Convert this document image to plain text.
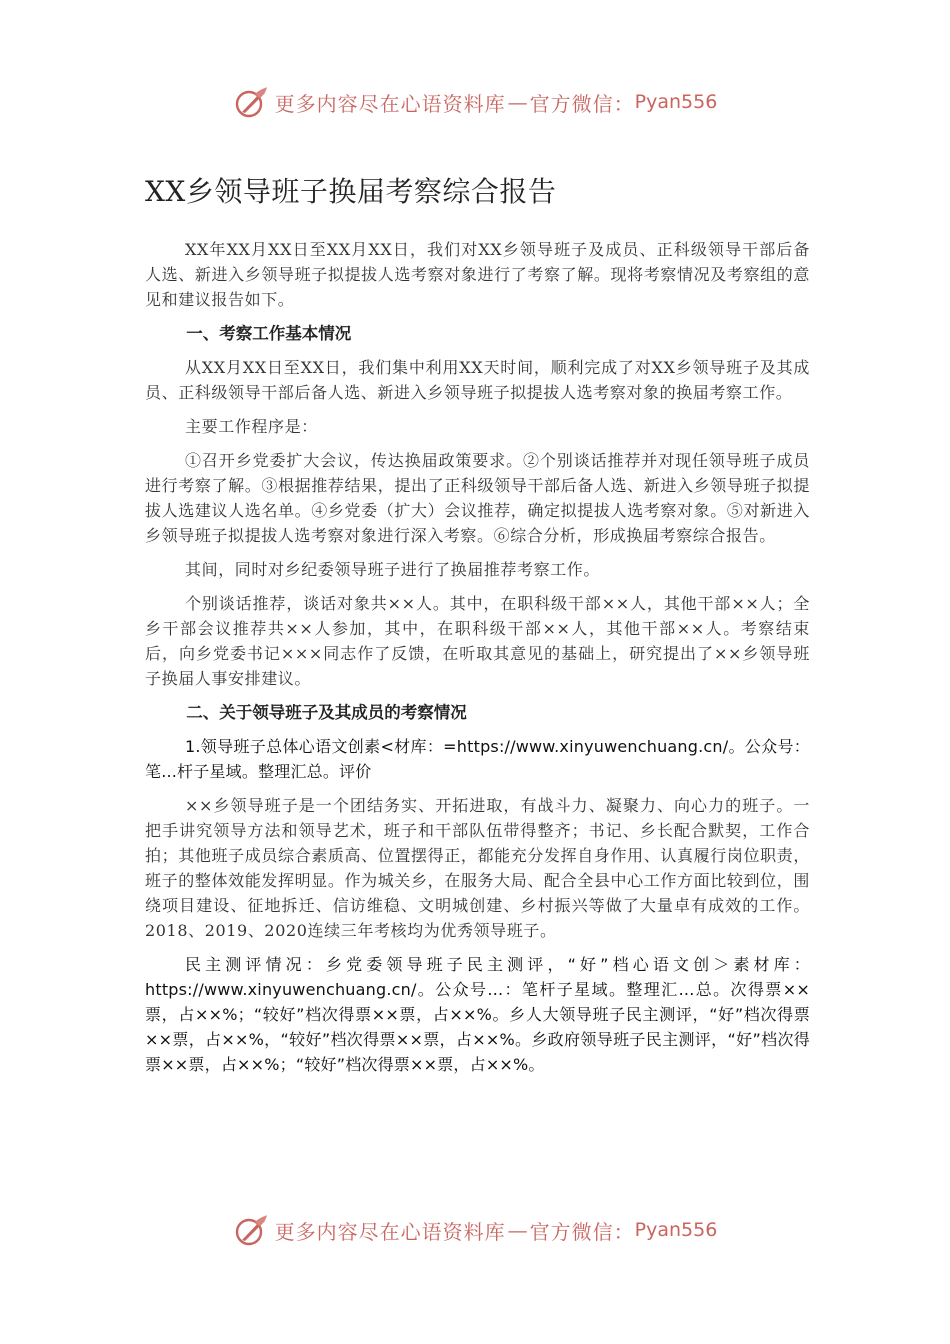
更多内容尽在心语资料库 — 官方微信： Pyan556
XX乡领导班子换届考察综合报告

XX年XX月XX日至XX月XX日，我们对XX乡领导班子及成员、正科级领导干部后备人选、新进入乡领导班子拟提拔人选考察对象进行了考察了解。现将考察情况及考察组的意见和建议报告如下。

一、考察工作基本情况

从XX月XX日至XX日，我们集中利用XX天时间，顺利完成了对XX乡领导班子及其成员、正科级领导干部后备人选、新进入乡领导班子拟提拔人选考察对象的换届考察工作。

主要工作程序是：

①召开乡党委扩大会议，传达换届政策要求。②个别谈话推荐并对现任领导班子成员进行考察了解。③根据推荐结果，提出了正科级领导干部后备人选、新进入乡领导班子拟提拔人选建议人选名单。④乡党委（扩大）会议推荐，确定拟提拔人选考察对象。⑤对新进入乡领导班子拟提拔人选考察对象进行深入考察。⑥综合分析，形成换届考察综合报告。

其间，同时对乡纪委领导班子进行了换届推荐考察工作。

个别谈话推荐，谈话对象共××人。其中，在职科级干部××人，其他干部××人；全乡干部会议推荐共××人参加，其中，在职科级干部××人，其他干部××人。考察结束后，向乡党委书记×××同志作了反馈，在听取其意见的基础上，研究提出了××乡领导班子换届人事安排建议。

二、关于领导班子及其成员的考察情况

1.领导班子总体心语文创素<材库：=https://www.xinyuwenchuang.cn/。公众号：笔...杆子星域。整理汇总。评价

××乡领导班子是一个团结务实、开拓进取，有战斗力、凝聚力、向心力的班子。一把手讲究领导方法和领导艺术，班子和干部队伍带得整齐；书记、乡长配合默契，工作合拍；其他班子成员综合素质高、位置摆得正，都能充分发挥自身作用、认真履行岗位职责，班子的整体效能发挥明显。作为城关乡，在服务大局、配合全县中心工作方面比较到位，围绕项目建设、征地拆迁、信访维稳、文明城创建、乡村振兴等做了大量卓有成效的工作。2018、2019、2020连续三年考核均为优秀领导班子。

民主测评情况：乡党委领导班子民主测评，“好”档心语文创＞素材库：https://www.xinyuwenchuang.cn/。公众号...：笔杆子星域。整理汇...总。次得票××票，占××%；“较好”档次得票××票，占××%。乡人大领导班子民主测评，“好”档次得票××票，占××%，“较好”档次得票××票，占××%。乡政府领导班子民主测评，“好”档次得票××票，占××%；“较好”档次得票××票，占××%。

更多内容尽在心语资料库 — 官方微信： Pyan556
